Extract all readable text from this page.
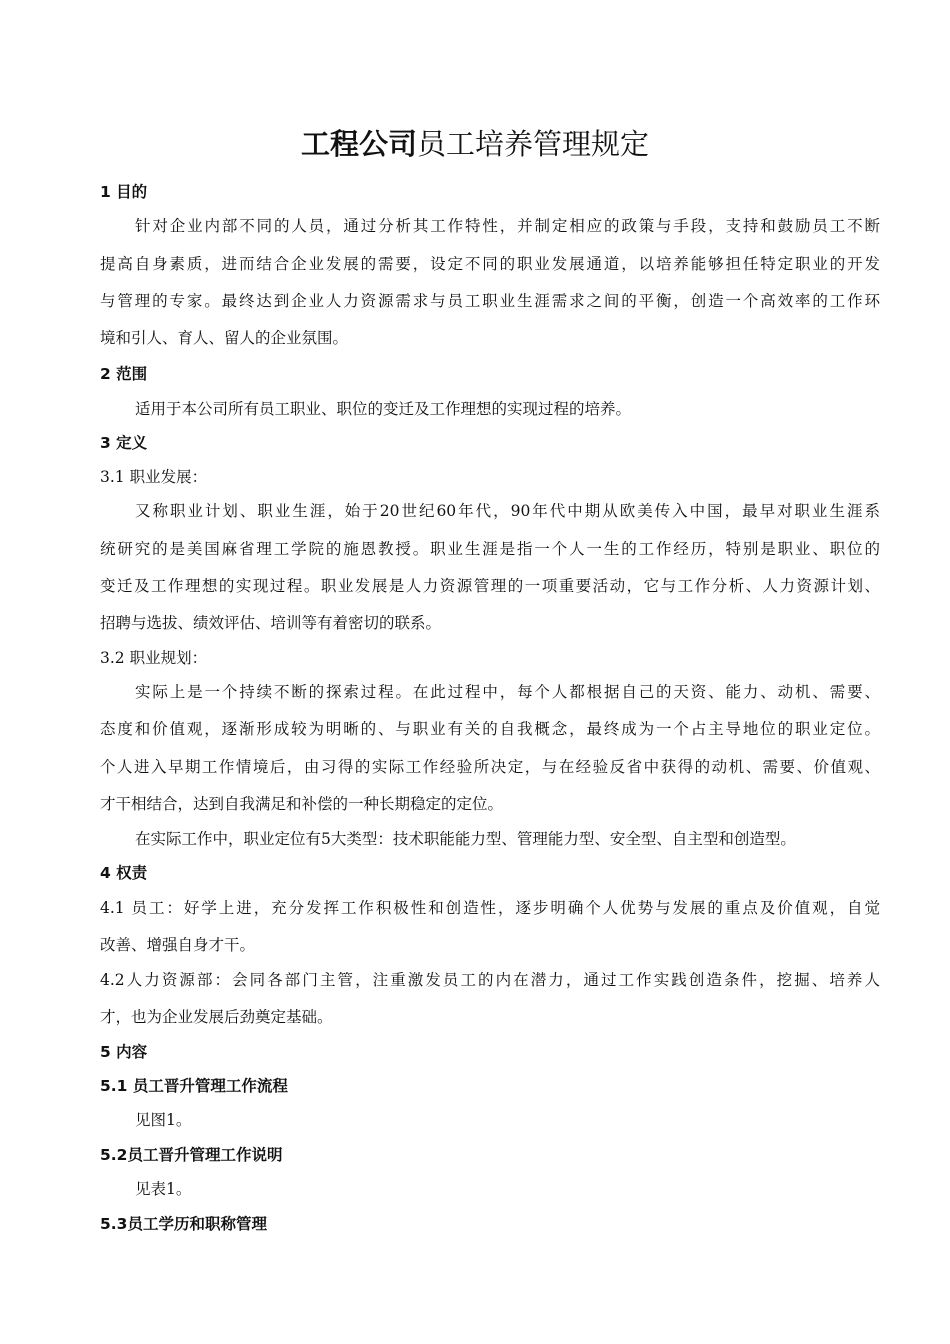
工程公司员工培养管理规定
1 目的
针对企业内部不同的人员，通过分析其工作特性，并制定相应的政策与手段，支持和鼓励员工不断
提高自身素质，进而结合企业发展的需要，设定不同的职业发展通道，以培养能够担任特定职业的开发
与管理的专家。最终达到企业人力资源需求与员工职业生涯需求之间的平衡，创造一个高效率的工作环
境和引人、育人、留人的企业氛围。
2 范围
适用于本公司所有员工职业、职位的变迁及工作理想的实现过程的培养。
3 定义
3.1 职业发展：
又称职业计划、职业生涯，始于20世纪60年代，90年代中期从欧美传入中国，最早对职业生涯系
统研究的是美国麻省理工学院的施恩教授。职业生涯是指一个人一生的工作经历，特别是职业、职位的
变迁及工作理想的实现过程。职业发展是人力资源管理的一项重要活动，它与工作分析、人力资源计划、
招聘与选拔、绩效评估、培训等有着密切的联系。
3.2 职业规划：
实际上是一个持续不断的探索过程。在此过程中，每个人都根据自己的天资、能力、动机、需要、
态度和价值观，逐渐形成较为明晰的、与职业有关的自我概念，最终成为一个占主导地位的职业定位。
个人进入早期工作情境后，由习得的实际工作经验所决定，与在经验反省中获得的动机、需要、价值观、
才干相结合，达到自我满足和补偿的一种长期稳定的定位。
在实际工作中，职业定位有5大类型：技术职能能力型、管理能力型、安全型、自主型和创造型。
4 权责
4.1 员工：好学上进，充分发挥工作积极性和创造性，逐步明确个人优势与发展的重点及价值观，自觉
改善、增强自身才干。
4.2人力资源部：会同各部门主管，注重激发员工的内在潜力，通过工作实践创造条件，挖掘、培养人
才，也为企业发展后劲奠定基础。
5 内容
5.1 员工晋升管理工作流程
见图1。
5.2员工晋升管理工作说明
见表1。
5.3员工学历和职称管理
